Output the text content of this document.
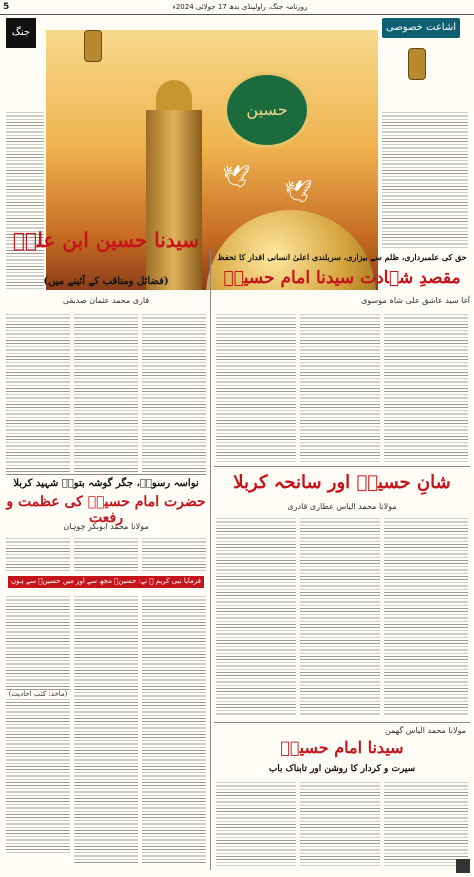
5	روزنامہ جنگ، راولپنڈی بدھ 17 جولائی 2024ء
جنگ	اشاعت خصوصی
حسین
🕊
🕊
حق کی علمبرداری، ظلم سے بیزاری، سربلندی اعلیٰ انسانی اقدار کا تحفظ
مقصدِ شہادت سیدنا امام حسینؓ
آغا سید عاشق علی شاہ موسوی
سیدنا حسین ابن علیؓ
(فضائل ومناقب کے آئینے میں)
قاری محمد عثمان صدیقی
نواسہ رسولؐ، جگر گوشہ بتولؓ شہید کربلا
حضرت امام حسینؓ کی عظمت و رفعت
مولانا محمد ابوبکر چوہان
فرمایا نبی کریم ﷺ نے: حسینؓ مجھ سے اور میں حسینؓ سے ہوں
(ماخذ: کتب احادیث)
شانِ حسینؓ اور سانحہ کربلا
مولانا محمد الیاس عطاری قادری
مولانا محمد الیاس گھمن
سیدنا امام حسینؓ
سیرت و کردار کا روشن اور تابناک باب
